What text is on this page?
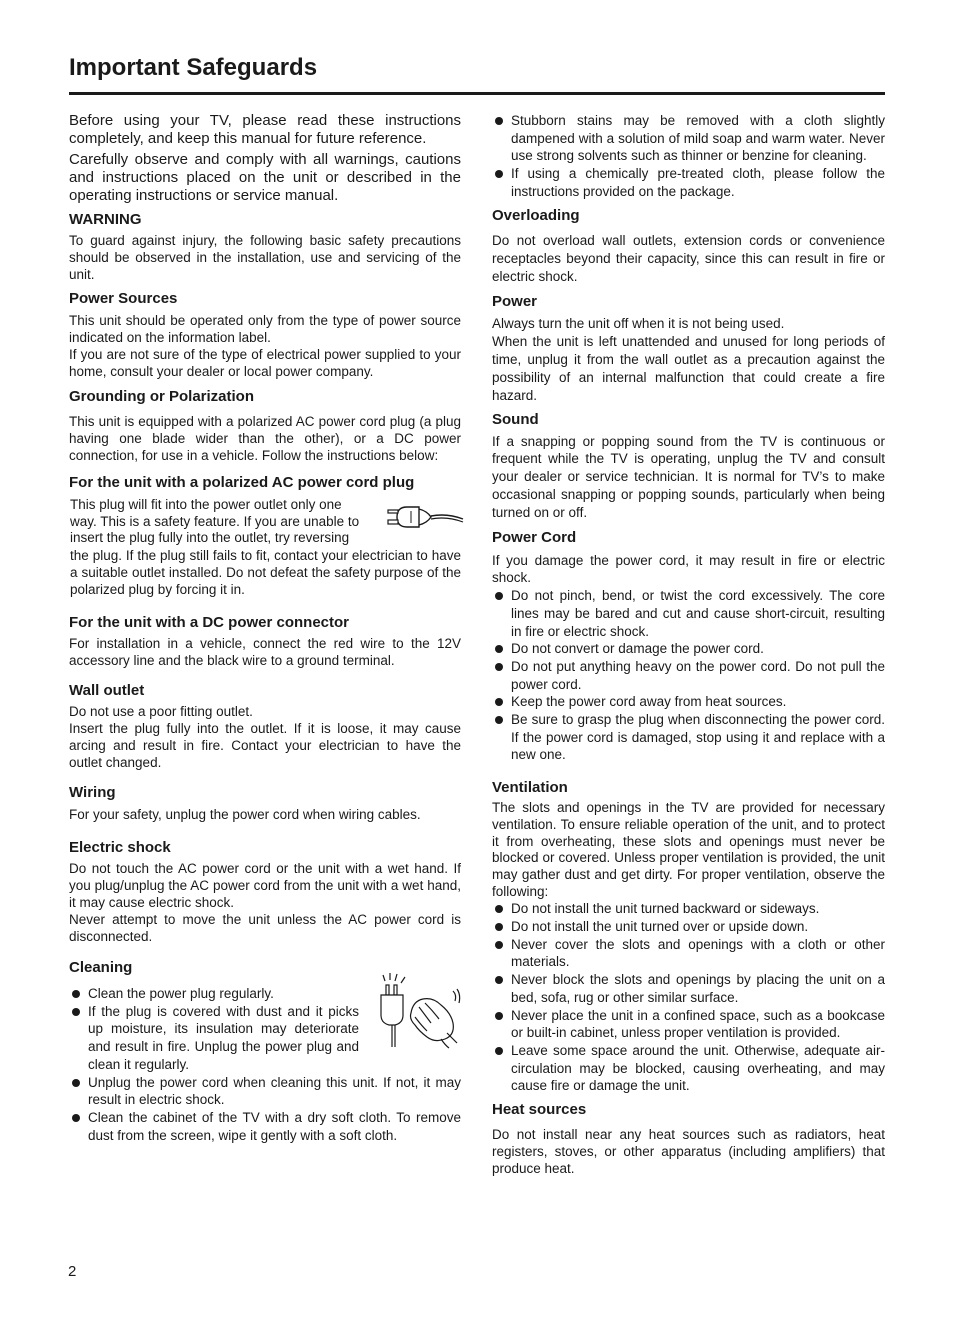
Important Safeguards

Before using your TV, please read these instructions completely, and keep this manual for future reference.

Carefully observe and comply with all warnings, cautions and instructions placed on the unit or described in the operating instructions or service manual.

WARNING

To guard against injury, the following basic safety precautions should be observed in the installation, use and servicing of the unit.

Power Sources

This unit should be operated only from the type of power source indicated on the information label.

If you are not sure of the type of electrical power supplied to your home, consult your dealer or local power company.

Grounding or Polarization

This unit is equipped with a polarized AC power cord plug (a plug having one blade wider than the other), or a DC power connection, for use in a vehicle. Follow the instructions below:

For the unit with a polarized AC power cord plug

This plug will fit into the power outlet only one

way. This is a safety feature. If you are unable to

insert the plug fully into the outlet, try reversing

the plug. If the plug still fails to fit, contact your electrician to have a suitable outlet installed. Do not defeat the safety purpose of the polarized plug by forcing it in.

For the unit with a DC power connector

For installation in a vehicle, connect the red wire to the 12V accessory line and the black wire to a ground terminal.

Wall outlet

Do not use a poor fitting outlet.

Insert the plug fully into the outlet. If it is loose, it may cause arcing and result in fire. Contact your electrician to have the outlet changed.

Wiring

For your safety, unplug the power cord when wiring cables.

Electric shock

Do not touch the AC power cord or the unit with a wet hand. If you plug/unplug the AC power cord from the unit with a wet hand, it may cause electric shock.

Never attempt to move the unit unless the AC power cord is disconnected.

Cleaning
Clean the power plug regularly.
If the plug is covered with dust and it picks up moisture, its insulation may deteriorate and result in fire. Unplug the power plug and clean it regularly.
Unplug the power cord when cleaning this unit. If not, it may result in electric shock.
Clean the cabinet of the TV with a dry soft cloth. To remove dust from the screen, wipe it gently with a soft cloth.
Stubborn stains may be removed with a cloth slightly dampened with a solution of mild soap and warm water. Never use strong solvents such as thinner or benzine for cleaning.
If using a chemically pre-treated cloth, please follow the instructions provided on the package.
Overloading

Do not overload wall outlets, extension cords or convenience receptacles beyond their capacity, since this can result in fire or electric shock.

Power

Always turn the unit off when it is not being used.

When the unit is left unattended and unused for long periods of time, unplug it from the wall outlet as a precaution against the possibility of an internal malfunction that could create a fire hazard.

Sound

If a snapping or popping sound from the TV is continuous or frequent while the TV is operating, unplug the TV and consult your dealer or service technician. It is normal for TV’s to make occasional snapping or popping sounds, particularly when being turned on or off.

Power Cord

If you damage the power cord, it may result in fire or electric shock.

Do not pinch, bend, or twist the cord excessively. The core lines may be bared and cut and cause short-circuit, resulting in fire or electric shock.
Do not convert or damage the power cord.
Do not put anything heavy on the power cord. Do not pull the power cord.
Keep the power cord away from heat sources.
Be sure to grasp the plug when disconnecting the power cord. If the power cord is damaged, stop using it and replace with a new one.
Ventilation

The slots and openings in the TV are provided for necessary ventilation. To ensure reliable operation of the unit, and to protect it from overheating, these slots and openings must never be blocked or covered. Unless proper ventilation is provided, the unit may gather dust and get dirty. For proper ventilation, observe the following:

Do not install the unit turned backward or sideways.
Do not install the unit turned over or upside down.
Never cover the slots and openings with a cloth or other materials.
Never block the slots and openings by placing the unit on a bed, sofa, rug or other similar surface.
Never place the unit in a confined space, such as a bookcase or built-in cabinet, unless proper ventilation is provided.
Leave some space around the unit. Otherwise, adequate air-circulation may be blocked, causing overheating, and may cause fire or damage the unit.
Heat sources

Do not install near any heat sources such as radiators, heat registers, stoves, or other apparatus (including amplifiers) that produce heat.

2
